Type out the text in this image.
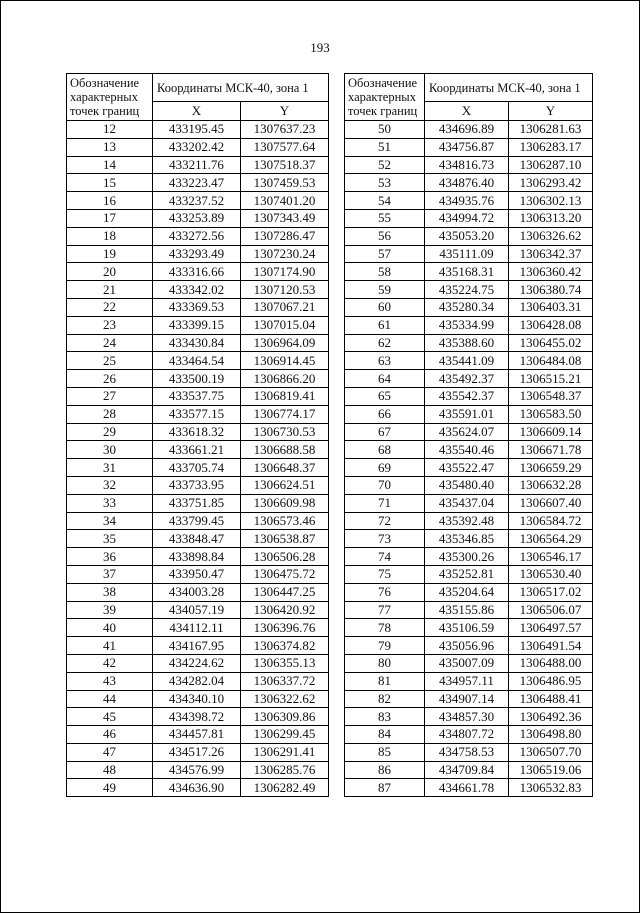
193
Обозначение характерных точек границ	Координаты МСК-40, зона 1	
	X	Y
12	433195.45	1307637.23
13	433202.42	1307577.64
14	433211.76	1307518.37
15	433223.47	1307459.53
16	433237.52	1307401.20
17	433253.89	1307343.49
18	433272.56	1307286.47
19	433293.49	1307230.24
20	433316.66	1307174.90
21	433342.02	1307120.53
22	433369.53	1307067.21
23	433399.15	1307015.04
24	433430.84	1306964.09
25	433464.54	1306914.45
26	433500.19	1306866.20
27	433537.75	1306819.41
28	433577.15	1306774.17
29	433618.32	1306730.53
30	433661.21	1306688.58
31	433705.74	1306648.37
32	433733.95	1306624.51
33	433751.85	1306609.98
34	433799.45	1306573.46
35	433848.47	1306538.87
36	433898.84	1306506.28
37	433950.47	1306475.72
38	434003.28	1306447.25
39	434057.19	1306420.92
40	434112.11	1306396.76
41	434167.95	1306374.82
42	434224.62	1306355.13
43	434282.04	1306337.72
44	434340.10	1306322.62
45	434398.72	1306309.86
46	434457.81	1306299.45
47	434517.26	1306291.41
48	434576.99	1306285.76
49	434636.90	1306282.49
Обозначение характерных точек границ	Координаты МСК-40, зона 1	
	X	Y
50	434696.89	1306281.63
51	434756.87	1306283.17
52	434816.73	1306287.10
53	434876.40	1306293.42
54	434935.76	1306302.13
55	434994.72	1306313.20
56	435053.20	1306326.62
57	435111.09	1306342.37
58	435168.31	1306360.42
59	435224.75	1306380.74
60	435280.34	1306403.31
61	435334.99	1306428.08
62	435388.60	1306455.02
63	435441.09	1306484.08
64	435492.37	1306515.21
65	435542.37	1306548.37
66	435591.01	1306583.50
67	435624.07	1306609.14
68	435540.46	1306671.78
69	435522.47	1306659.29
70	435480.40	1306632.28
71	435437.04	1306607.40
72	435392.48	1306584.72
73	435346.85	1306564.29
74	435300.26	1306546.17
75	435252.81	1306530.40
76	435204.64	1306517.02
77	435155.86	1306506.07
78	435106.59	1306497.57
79	435056.96	1306491.54
80	435007.09	1306488.00
81	434957.11	1306486.95
82	434907.14	1306488.41
83	434857.30	1306492.36
84	434807.72	1306498.80
85	434758.53	1306507.70
86	434709.84	1306519.06
87	434661.78	1306532.83
